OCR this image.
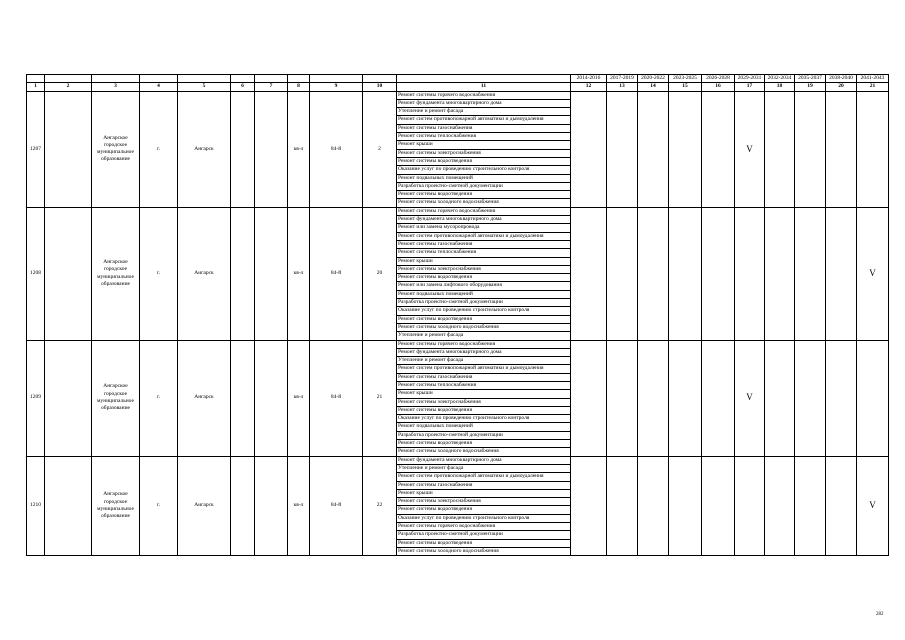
											2014-2016	2017-2019	2020-2022	2023-2025	2026-2028	2029-2031	2032-2034	2035-2037	2038-2040	2041-2043
1	2	3	4	5	6	7	8	9	10	11	12	13	14	15	16	17	18	19	20	21
1207		Ангарское городское муниципальное образование	г.	Ангарск			кв-л	84-й	2	Ремонт системы горячего водоснабжения						V				
										Ремонт фундамента многоквартирного дома										
										Утепление и ремонт фасада										
										Ремонт систем противопожарной автоматики и дымоудаления										
										Ремонт системы газоснабжения										
										Ремонт системы теплоснабжения										
										Ремонт крыши										
										Ремонт системы электроснабжения										
										Ремонт системы водоотведения										
										Оказание услуг по проведению строительного контроля										
										Ремонт подвальных помещений										
										Разработка проектно-сметной документации										
										Ремонт системы водоотведения										
										Ремонт системы холодного водоснабжения										
1208		Ангарское городское муниципальное образование	г.	Ангарск			кв-л	84-й	20	Ремонт системы горячего водоснабжения										V
										Ремонт фундамента многоквартирного дома										
										Ремонт или замена мусоропровода										
										Ремонт систем противопожарной автоматики и дымоудаления										
										Ремонт системы газоснабжения										
										Ремонт системы теплоснабжения										
										Ремонт крыши										
										Ремонт системы электроснабжения										
										Ремонт системы водоотведения										
										Ремонт или замена лифтового оборудования										
										Ремонт подвальных помещений										
										Разработка проектно-сметной документации										
										Оказание услуг по проведению строительного контроля										
										Ремонт системы водоотведения										
										Ремонт системы холодного водоснабжения										
										Утепление и ремонт фасада										
1209		Ангарское городское муниципальное образование	г.	Ангарск			кв-л	84-й	21	Ремонт системы горячего водоснабжения						V				
										Ремонт фундамента многоквартирного дома										
										Утепление и ремонт фасада										
										Ремонт систем противопожарной автоматики и дымоудаления										
										Ремонт системы газоснабжения										
										Ремонт системы теплоснабжения										
										Ремонт крыши										
										Ремонт системы электроснабжения										
										Ремонт системы водоотведения										
										Оказание услуг по проведению строительного контроля										
										Ремонт подвальных помещений										
										Разработка проектно-сметной документации										
										Ремонт системы водоотведения										
										Ремонт системы холодного водоснабжения										
1210		Ангарское городское муниципальное образование	г.	Ангарск			кв-л	84-й	22	Ремонт фундамента многоквартирного дома										V
										Утепление и ремонт фасада										
										Ремонт систем противопожарной автоматики и дымоудаления										
										Ремонт системы газоснабжения										
										Ремонт крыши										
										Ремонт системы электроснабжения										
										Ремонт системы водоотведения										
										Оказание услуг по проведению строительного контроля										
										Ремонт системы горячего водоснабжения										
										Разработка проектно-сметной документации										
										Ремонт системы водоотведения										
										Ремонт системы холодного водоснабжения										
282
